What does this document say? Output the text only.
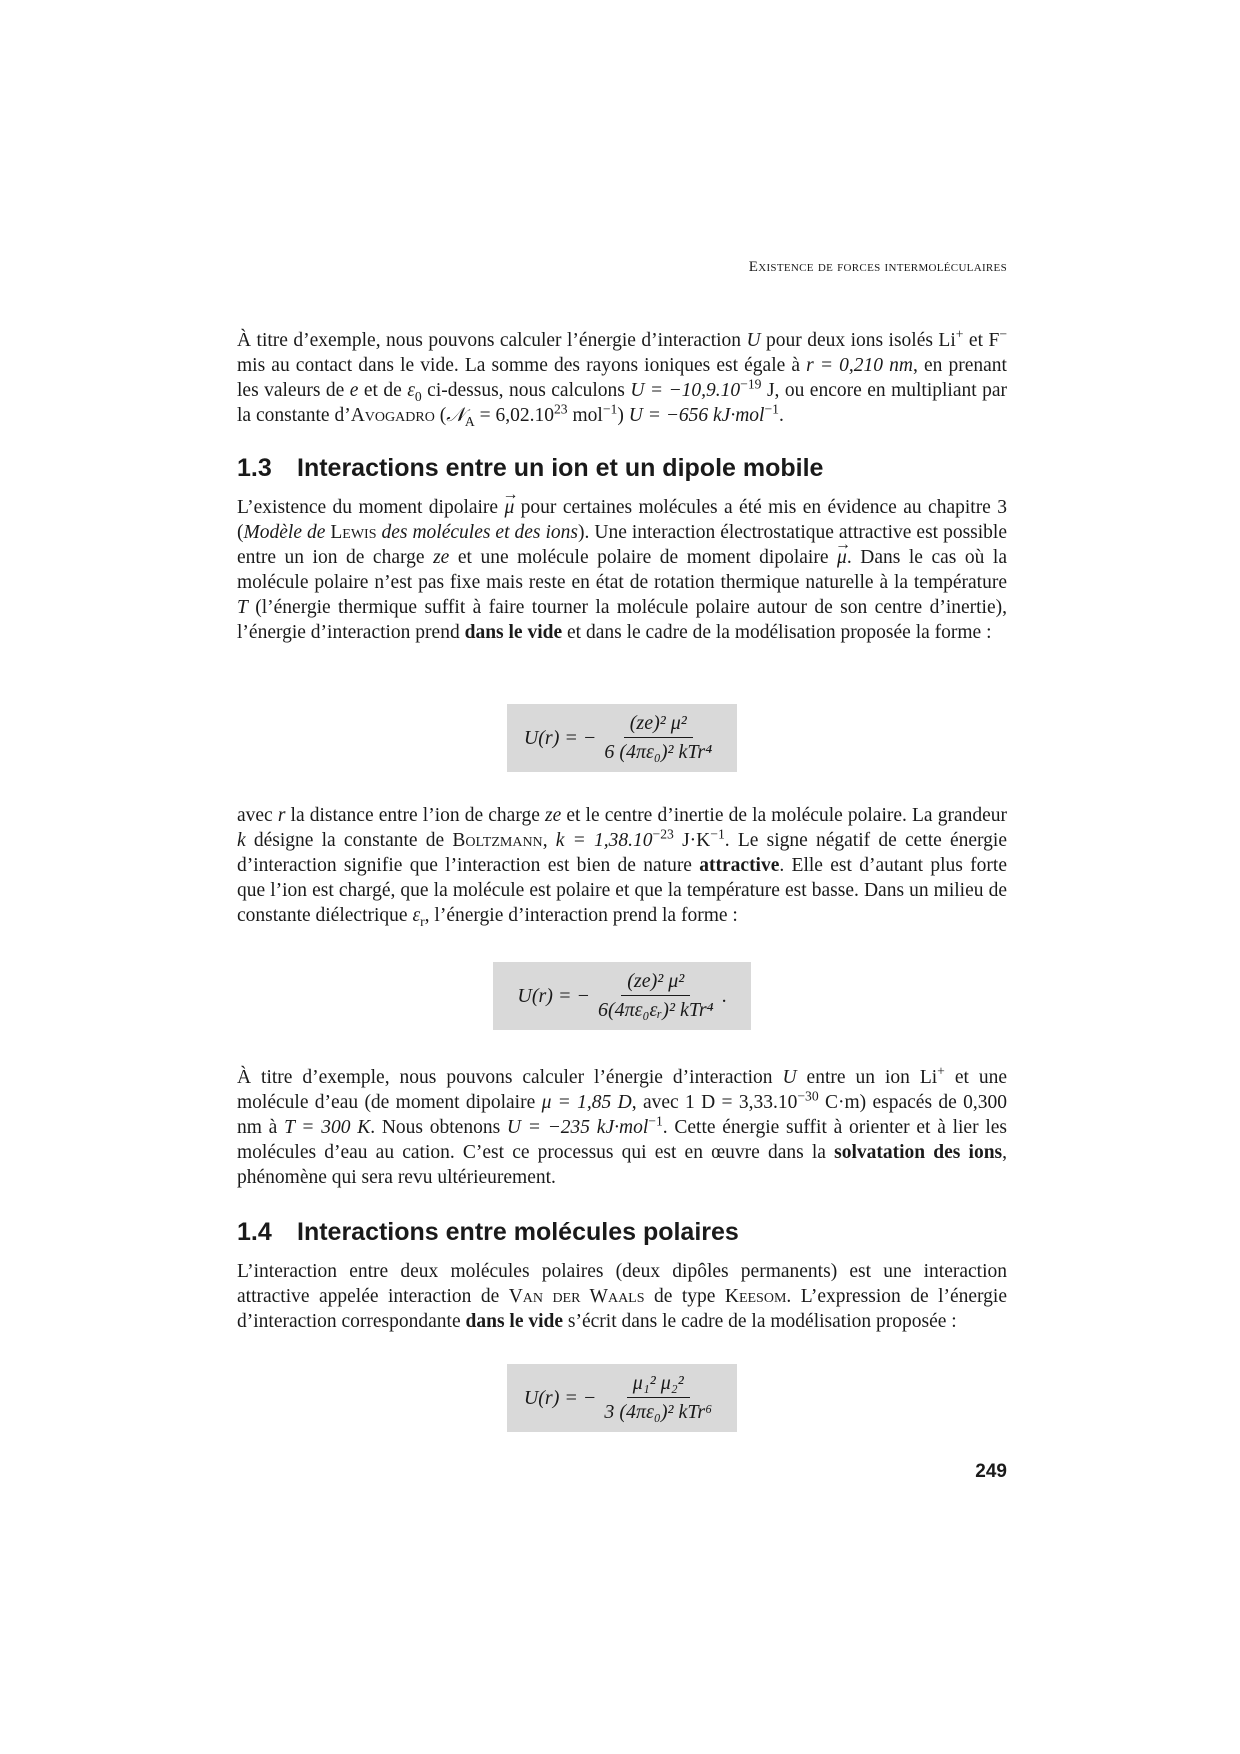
Existence de forces intermoléculaires

À titre d’exemple, nous pouvons calculer l’énergie d’interaction U pour deux ions isolés Li+ et F− mis au contact dans le vide. La somme des rayons ioniques est égale à r = 0,210 nm, en prenant les valeurs de e et de $\varepsilon_0$ ci-dessus, nous calculons $U = -10,9.10^{-19}$ J, ou encore en multipliant par la constante d’Avogadro (𝒩$_A$ = $6,02.10^{23}$ mol$^{-1}$) U = −656 kJ·mol$^{-1}$.

1.3 Interactions entre un ion et un dipole mobile

L’existence du moment dipolaire → μ pour certaines molécules a été mis en évidence au chapitre 3 (Modèle de Lewis des molécules et des ions). Une interaction électrostatique attractive est possible entre un ion de charge ze et une molécule polaire de moment dipolaire → μ. Dans le cas où la molécule polaire n’est pas fixe mais reste en état de rotation thermique naturelle à la température T (l’énergie thermique suffit à faire tourner la molécule polaire autour de son centre d’inertie), l’énergie d’interaction prend dans le vide et dans le cadre de la modélisation proposée la forme :

U(r) = − $\frac{\text{(ze)² μ²}}{\text{6 (4πε₀)² kTr⁴}}$

avec r la distance entre l’ion de charge ze et le centre d’inertie de la molécule polaire. La grandeur k désigne la constante de Boltzmann, $k = 1,38.10^{-23}$ $J\cdot K^{-1}$. Le signe négatif de cette énergie d’interaction signifie que l’interaction est bien de nature attractive. Elle est d’autant plus forte que l’ion est chargé, que la molécule est polaire et que la température est basse. Dans un milieu de constante diélectrique $\varepsilon_r$, l’énergie d’interaction prend la forme :

U(r) = − $\frac{\text{(ze)² μ²}}{\text{6(4πε₀εᵣ)² kTr⁴}}$ .

À titre d’exemple, nous pouvons calculer l’énergie d’interaction U entre un ion Li+ et une molécule d’eau (de moment dipolaire μ = 1,85 D, avec 1 $D = 3,33.10^{-30}$ C·m) espacés de 0,300 nm à T = 300 K. Nous obtenons U = −235 kJ·mol$^{-1}$. Cette énergie suffit à orienter et à lier les molécules d’eau au cation. C’est ce processus qui est en œuvre dans la solvatation des ions, phénomène qui sera revu ultérieurement.

1.4 Interactions entre molécules polaires

L’interaction entre deux molécules polaires (deux dipôles permanents) est une interaction attractive appelée interaction de Van der Waals de type Keesom. L’expression de l’énergie d’interaction correspondante dans le vide s’écrit dans le cadre de la modélisation proposée :

U(r) = − $\frac{\text{μ₁² μ₂²}}{\text{3 (4πε₀)² kTr⁶}}$
249
